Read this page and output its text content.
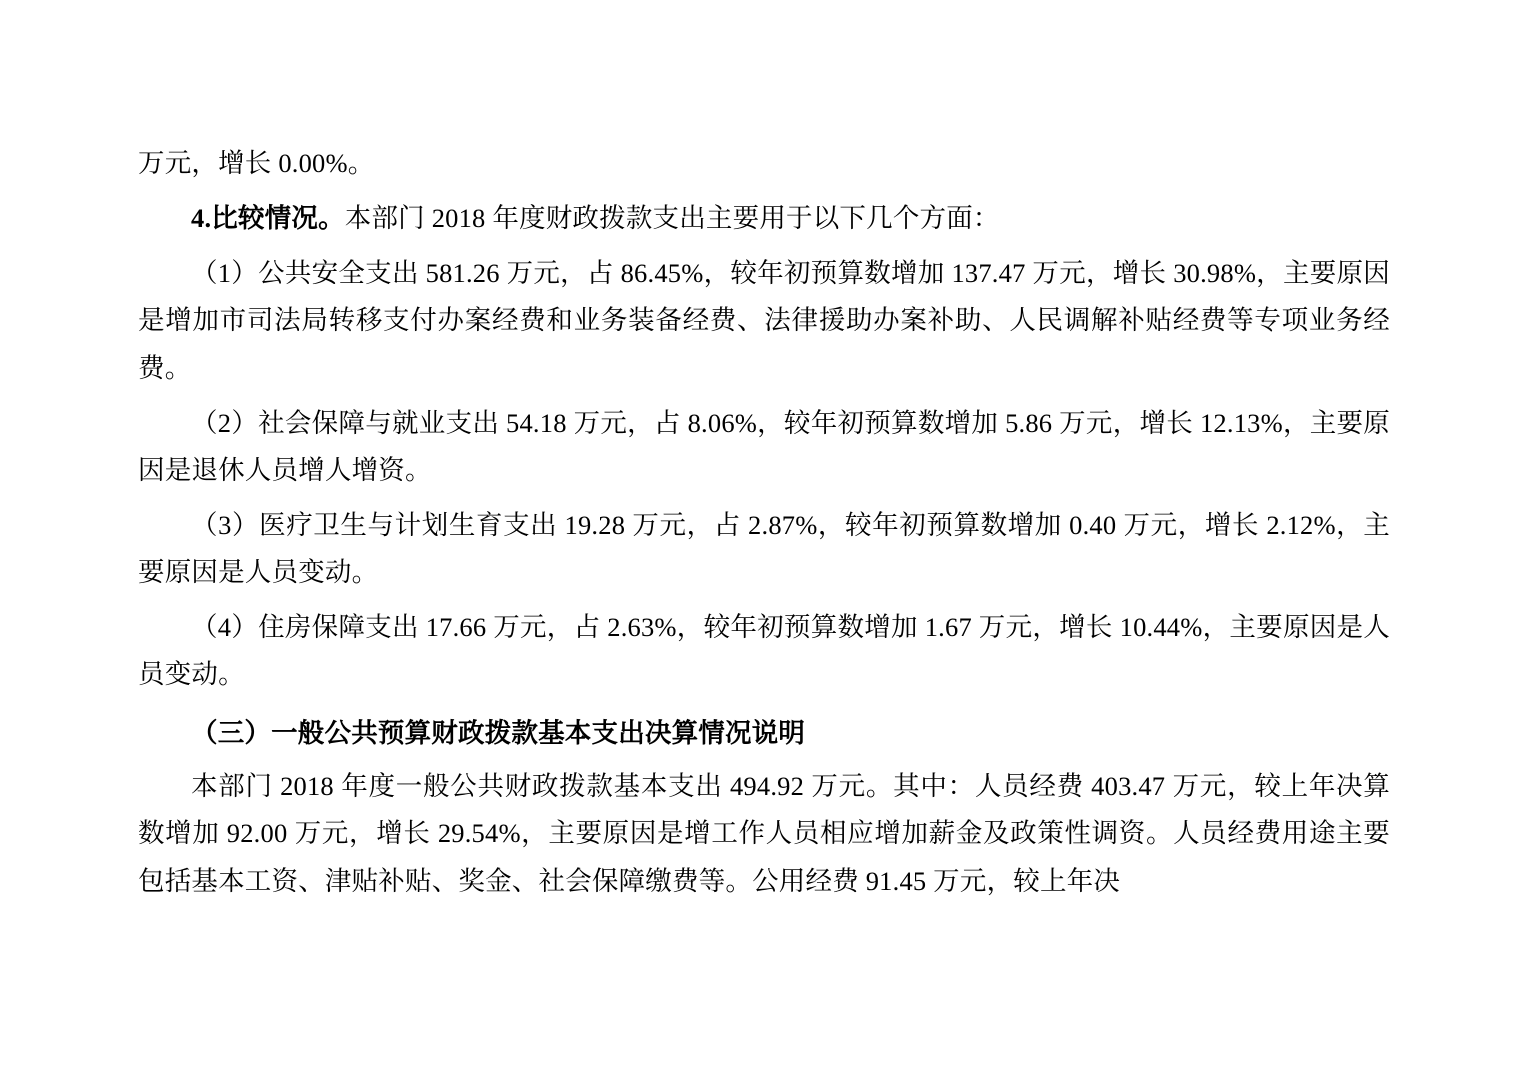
万元，增长 0.00%。

4.比较情况。本部门 2018 年度财政拨款支出主要用于以下几个方面：

（1）公共安全支出 581.26 万元，占 86.45%，较年初预算数增加 137.47 万元，增长 30.98%，主要原因是增加市司法局转移支付办案经费和业务装备经费、法律援助办案补助、人民调解补贴经费等专项业务经费。

（2）社会保障与就业支出 54.18 万元，占 8.06%，较年初预算数增加 5.86 万元，增长 12.13%，主要原因是退休人员增人增资。

（3）医疗卫生与计划生育支出 19.28 万元，占 2.87%，较年初预算数增加 0.40 万元，增长 2.12%，主要原因是人员变动。

（4）住房保障支出 17.66 万元，占 2.63%，较年初预算数增加 1.67 万元，增长 10.44%，主要原因是人员变动。

（三）一般公共预算财政拨款基本支出决算情况说明

本部门 2018 年度一般公共财政拨款基本支出 494.92 万元。其中：人员经费 403.47 万元，较上年决算数增加 92.00 万元，增长 29.54%，主要原因是增工作人员相应增加薪金及政策性调资。人员经费用途主要包括基本工资、津贴补贴、奖金、社会保障缴费等。公用经费 91.45 万元，较上年决
